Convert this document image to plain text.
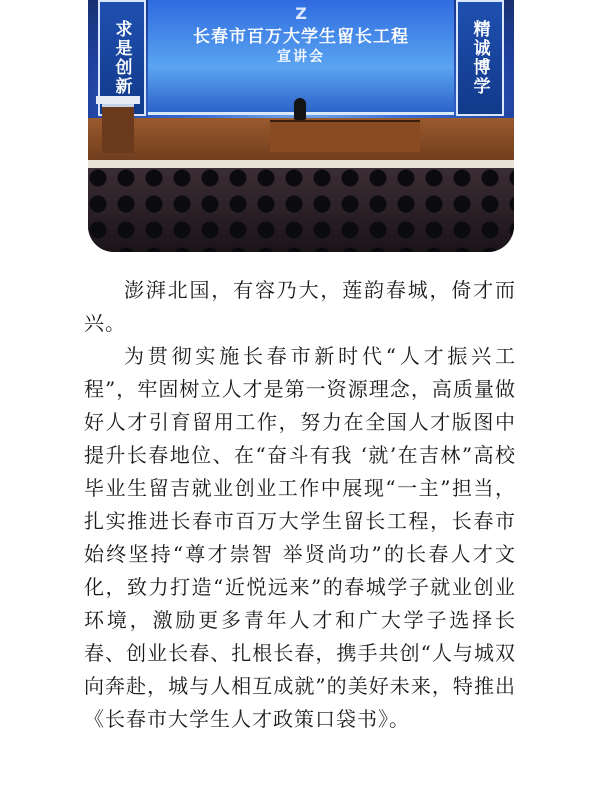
Z
长春市百万大学生留长工程
宣讲会
求是创新	精诚博学

澎湃北国，有容乃大，莲韵春城，倚才而兴。

为贯彻实施长春市新时代“人才振兴工程”，牢固树立人才是第一资源理念，高质量做好人才引育留用工作，努力在全国人才版图中提升长春地位、在“奋斗有我 ‘就’在吉林”高校毕业生留吉就业创业工作中展现“一主”担当，扎实推进长春市百万大学生留长工程，长春市始终坚持“尊才崇智 举贤尚功”的长春人才文化，致力打造“近悦远来”的春城学子就业创业环境，激励更多青年人才和广大学子选择长春、创业长春、扎根长春，携手共创“人与城双向奔赴，城与人相互成就”的美好未来，特推出《长春市大学生人才政策口袋书》。
